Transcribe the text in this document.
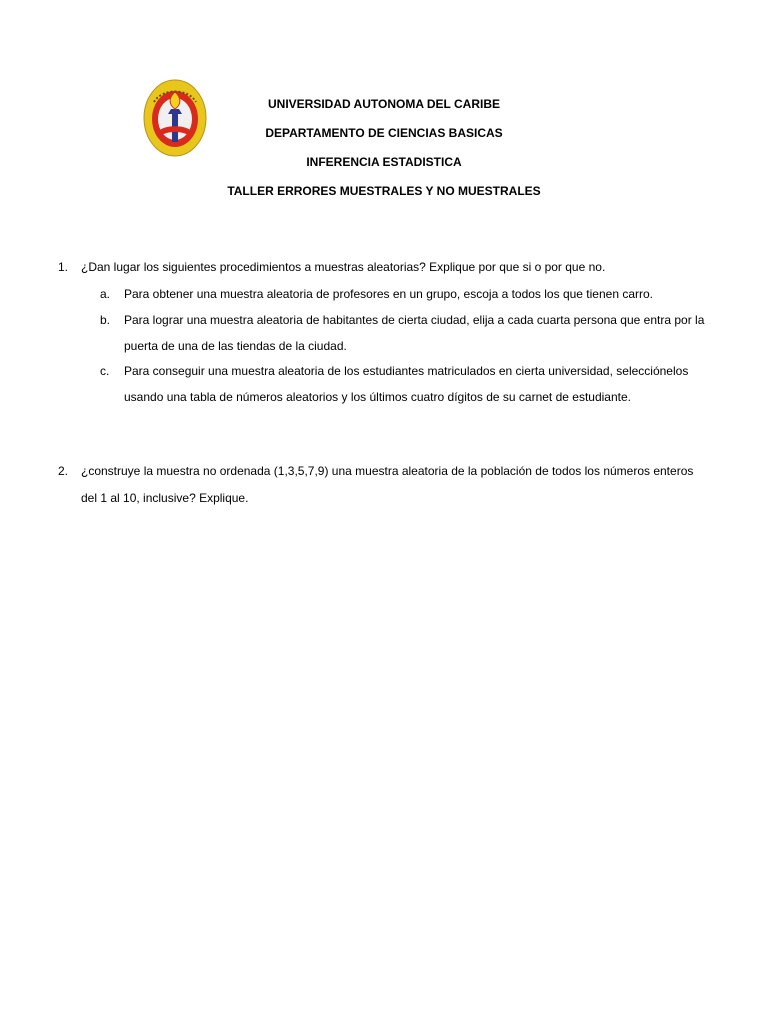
UNIVERSIDAD AUTONOMA DEL CARIBE
DEPARTAMENTO DE CIENCIAS BASICAS
INFERENCIA ESTADISTICA
TALLER ERRORES MUESTRALES Y NO MUESTRALES
1. ¿Dan lugar los siguientes procedimientos a muestras aleatorias? Explique por que si o por que no.
a. Para obtener una muestra aleatoria de profesores en un grupo, escoja a todos los que tienen carro.
b. Para lograr una muestra aleatoria de habitantes de cierta ciudad, elija a cada cuarta persona que entra por la
puerta de una de las tiendas de la ciudad.
c. Para conseguir una muestra aleatoria de los estudiantes matriculados en cierta universidad, selecciónelos
usando una tabla de números aleatorios y los últimos cuatro dígitos de su carnet de estudiante.
2. ¿construye la muestra no ordenada (1,3,5,7,9) una muestra aleatoria de la población de todos los números enteros
del 1 al 10, inclusive? Explique.
